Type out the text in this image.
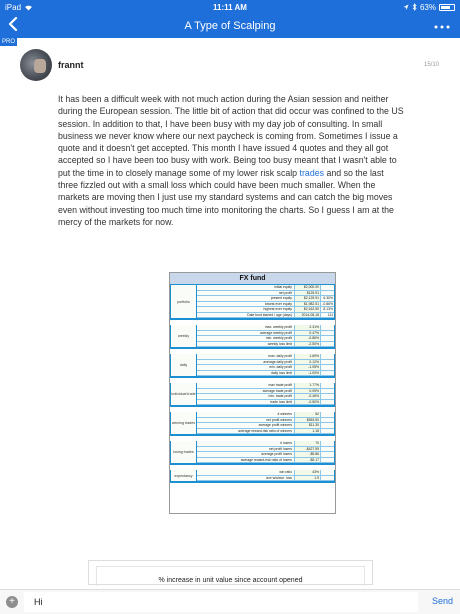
iPad	11:11 AM	63%
A Type of Scalping
PRO
frannt	15/10
It has been a difficult week with not much action during the Asian session and neither during the European session. The little bit of action that did occur was confined to the US session. In addition to that, I have been busy with my day job of consulting. In small business we never know where our next paycheck is coming from. Sometimes I issue a quote and it doesn't get accepted. This month I have issued 4 quotes and they all got accepted so I have been too busy with work. Being too busy meant that I wasn't able to put the time in to closely manage some of my lower risk scalp trades and so the last three fizzled out with a small loss which could have been much smaller. When the markets are moving then I just use my standard systems and can catch the big moves even without investing too much time into monitoring the charts. So I guess I am at the mercy of the markets for now.
FX fund
portfolio
initial equity	$2,000.00
net profit	$125.91
present equity	$2,125.91	6.30%
lowest ever equity	$1,982.51 -0.86%
highest ever equity	$2,162.50	8.13%
Date fund started / age (days)	2014-08-18	111
weekly
max. weekly profit	2.31%
average weekly profit	0.47%
min. weekly profit	-0.86%
weekly loss limit	-2.50%
daily
max. daily profit	1.69%
average daily profit	0.12%
min. daily profit	-1.05%
daily loss limit	-1.00%
individual trade
max trade profit	1.77%
average trade profit	0.05%
min. trade profit	-0.46%
trade loss limit	-0.50%
winning trades
# winners	52
net profit winners	$553.50
average profit winners	$11.30
average reward-risk ratio of winners	1.18
losing trades
# losers	70
net profit losers	-$427.59
average profit losers	-$5.86
average reward-risk ratio of losers	-$5.17
expectancy
win ratio	43%
ave win/ave. loss	1.9
% increase in unit value since account opened
+
Hi	Send
